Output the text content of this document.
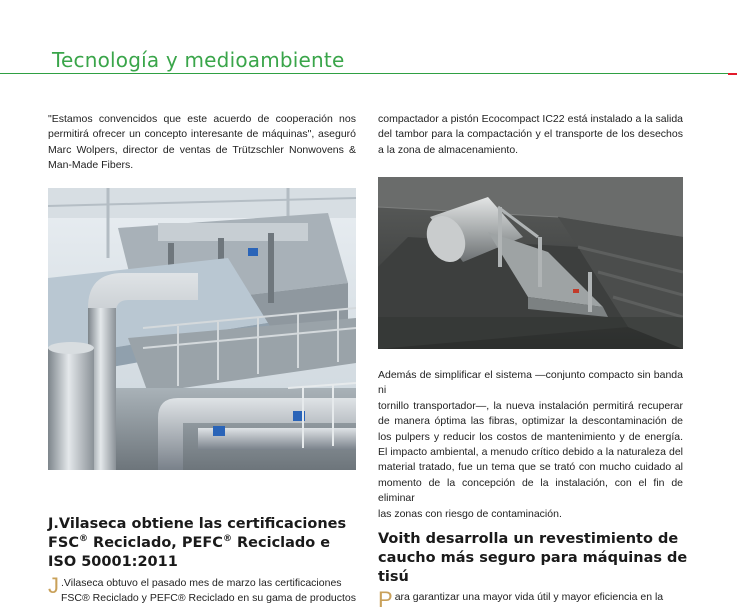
Tecnología y medioambiente

"Estamos convencidos que este acuerdo de cooperación nos
permitirá ofrecer un concepto interesante de máquinas", aseguró
Marc Wolpers, director de ventas de Trützschler Nonwovens &
Man-Made Fibers.

J.Vilaseca obtiene las certificaciones
FSC® Reciclado, PEFC® Reciclado e
ISO 50001:2011

J .Vilaseca obtuvo el pasado mes de marzo las certificaciones
FSC® Reciclado y PEFC® Reciclado en su gama de productos

compactador a pistón Ecocompact IC22 está instalado a la salida
del tambor para la compactación y el transporte de los desechos
a la zona de almacenamiento.

Además de simplificar el sistema —conjunto compacto sin banda ni
tornillo transportador—, la nueva instalación permitirá recuperar
de manera óptima las fibras, optimizar la descontaminación de
los pulpers y reducir los costos de mantenimiento y de energía.
El impacto ambiental, a menudo crítico debido a la naturaleza del
material tratado, fue un tema que se trató con mucho cuidado al
momento de la concepción de la instalación, con el fin de eliminar
las zonas con riesgo de contaminación.

Voith desarrolla un revestimiento de
caucho más seguro para máquinas de
tisú

P ara garantizar una mayor vida útil y mayor eficiencia en la
